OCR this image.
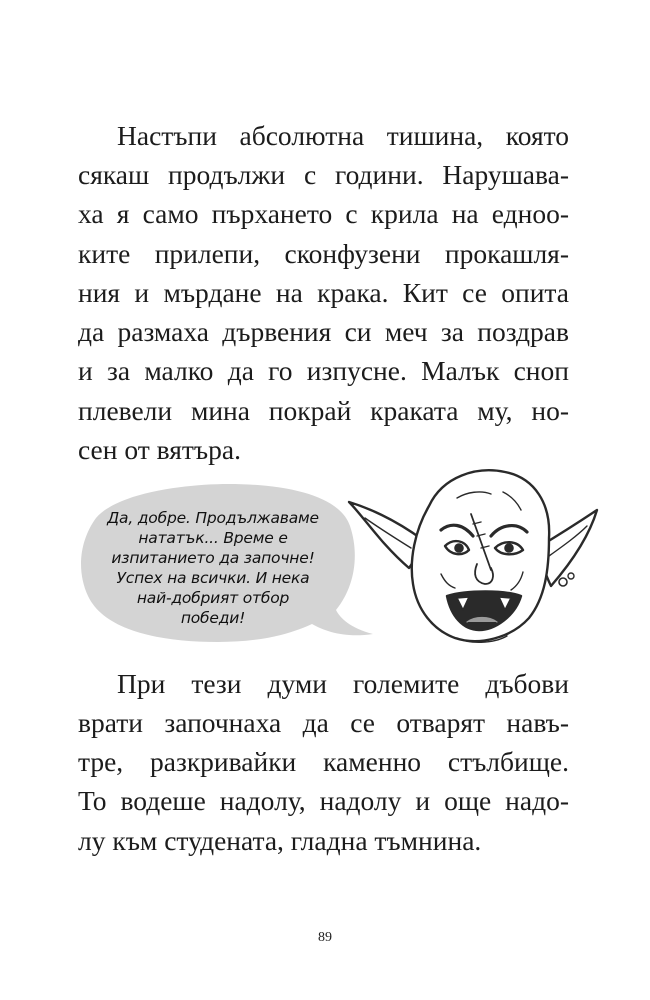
Настъпи абсолютна тишина, която
сякаш продължи с години. Нарушава-
ха я само пърхането с крила на едноо-
ките прилепи, сконфузени прокашля-
ния и мърдане на крака. Кит се опита
да размаха дървения си меч за поздрав
и за малко да го изпусне. Малък сноп
плевели мина покрай краката му, но-
сен от вятъра.
Да, добре. Продължаваме
нататък... Време е
изпитанието да започне!
Успех на всички. И нека
най-добрият отбор
победи!
При тези думи големите дъбови
врати започнаха да се отварят навъ-
тре, разкривайки каменно стълбище.
То водеше надолу, надолу и още надо-
лу към студената, гладна тъмнина.
89
